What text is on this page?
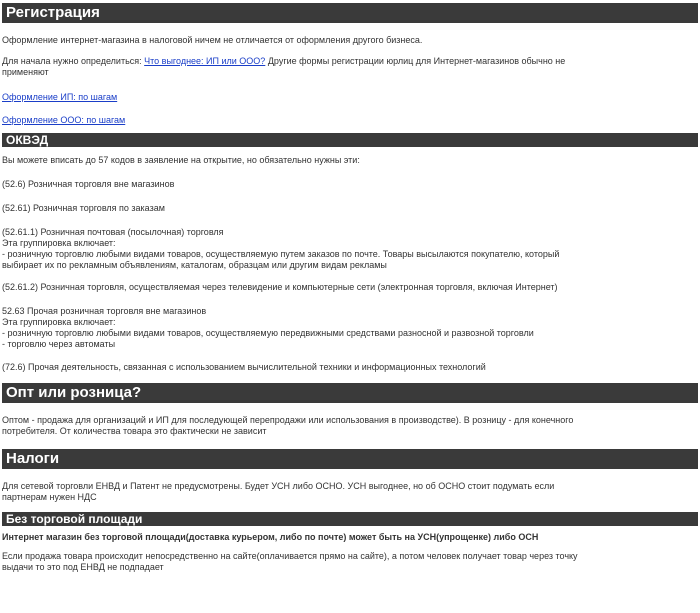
Регистрация
Оформление интернет-магазина в налоговой ничем не отличается от оформления другого бизнеса.
Для начала нужно определиться: Что выгоднее: ИП или ООО? Другие формы регистрации юрлиц для Интернет-магазинов обычно не
применяют
Оформление ИП: по шагам
Оформление ООО: по шагам
ОКВЭД
Вы можете вписать до 57 кодов в заявление на открытие, но обязательно нужны эти:
(52.6) Розничная торговля вне магазинов
(52.61) Розничная торговля по заказам
(52.61.1) Розничная почтовая (посылочная) торговля
Эта группировка включает:
- розничную торговлю любыми видами товаров, осуществляемую путем заказов по почте. Товары высылаются покупателю, который
выбирает их по рекламным объявлениям, каталогам, образцам или другим видам рекламы
(52.61.2) Розничная торговля, осуществляемая через телевидение и компьютерные сети (электронная торговля, включая Интернет)
52.63 Прочая розничная торговля вне магазинов
Эта группировка включает:
- розничную торговлю любыми видами товаров, осуществляемую передвижными средствами разносной и развозной торговли
- торговлю через автоматы
(72.6) Прочая деятельность, связанная с использованием вычислительной техники и информационных технологий
Опт или розница?
Оптом - продажа для организаций и ИП для последующей перепродажи или использования в производстве). В розницу - для конечного
потребителя. От количества товара это фактически не зависит
Налоги
Для сетевой торговли ЕНВД и Патент не предусмотрены. Будет УСН либо ОСНО. УСН выгоднее, но об ОСНО стоит подумать если
партнерам нужен НДС
Без торговой площади
Интернет магазин без торговой площади(доставка курьером, либо по почте) может быть на УСН(упрощенке) либо ОСН
Если продажа товара происходит непосредственно на сайте(оплачивается прямо на сайте), а потом человек получает товар через точку
выдачи то это под ЕНВД не подпадает
